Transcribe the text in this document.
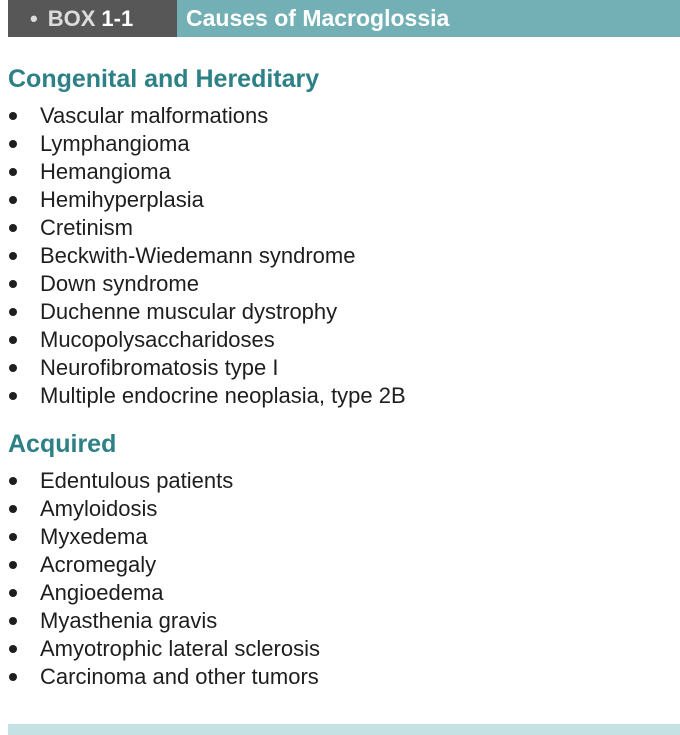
• BOX 1-1	Causes of Macroglossia
Congenital and Hereditary
Vascular malformations
Lymphangioma
Hemangioma
Hemihyperplasia
Cretinism
Beckwith-Wiedemann syndrome
Down syndrome
Duchenne muscular dystrophy
Mucopolysaccharidoses
Neurofibromatosis type I
Multiple endocrine neoplasia, type 2B
Acquired
Edentulous patients
Amyloidosis
Myxedema
Acromegaly
Angioedema
Myasthenia gravis
Amyotrophic lateral sclerosis
Carcinoma and other tumors
